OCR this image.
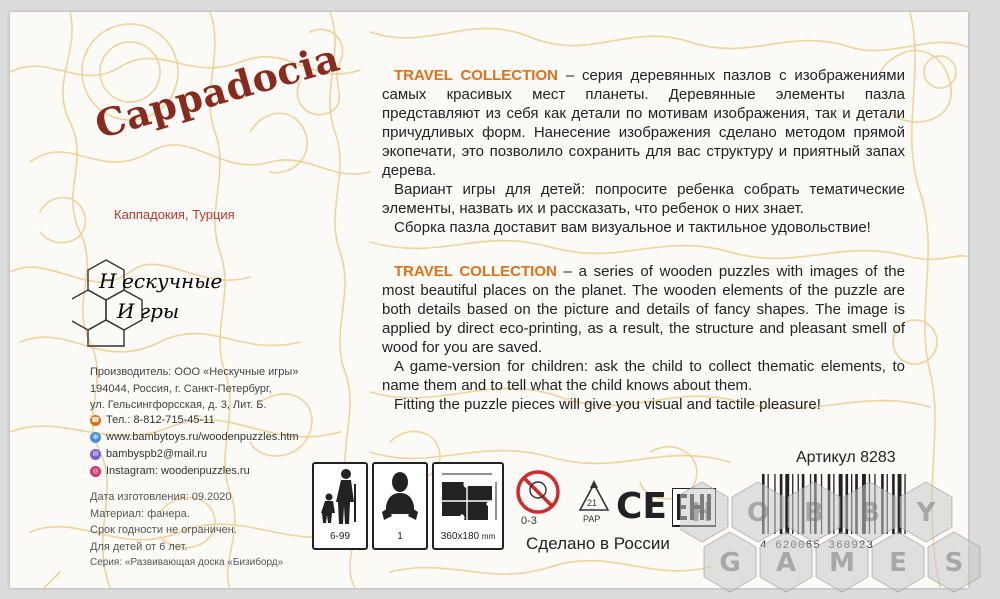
Cappadocia
Каппадокия, Турция
Н ескучные
И гры
Производитель: ООО «Нескучные игры»
194044, Россия, г. Санкт-Петербург,
ул. Гельсингфорсская, д. 3, Лит. Б.
☎ Тел.: 8-812-715-45-11
⊕ www.bambytoys.ru/woodenpuzzles.htm
✉ bambyspb2@mail.ru
◎ Instagram: woodenpuzzles.ru
Дата изготовления: 09.2020
Материал: фанера.
Срок годности не ограничен.
Для детей от 6 лет.
Серия: «Развивающая доска «Бизиборд»

TRAVEL COLLECTION – серия деревянных пазлов с изображениями самых красивых мест планеты. Деревянные элементы пазла представляют из себя как детали по мотивам изображения, так и детали причудливых форм. Нанесение изображения сделано методом прямой экопечати, это позволило сохранить для вас структуру и приятный запах дерева.

Вариант игры для детей: попросите ребенка собрать тематические элементы, назвать их и рассказать, что ребенок о них знает.

Сборка пазла доставит вам визуальное и тактильное удовольствие!

TRAVEL COLLECTION – a series of wooden puzzles with images of the most beautiful places on the planet. The wooden elements of the puzzle are both details based on the picture and details of fancy shapes. The image is applied by direct eco-printing, as a result, the structure and pleasant smell of wood for you are saved.

A game-version for children: ask the child to collect thematic elements, to name them and to tell what the child knows about them.

Fitting the puzzle pieces will give you visual and tactile pleasure!

6-99	1	360x180 mm
0-3
21
PAP CE
Артикул 8283
Сделано в России
H O B B Y
G A M E S
